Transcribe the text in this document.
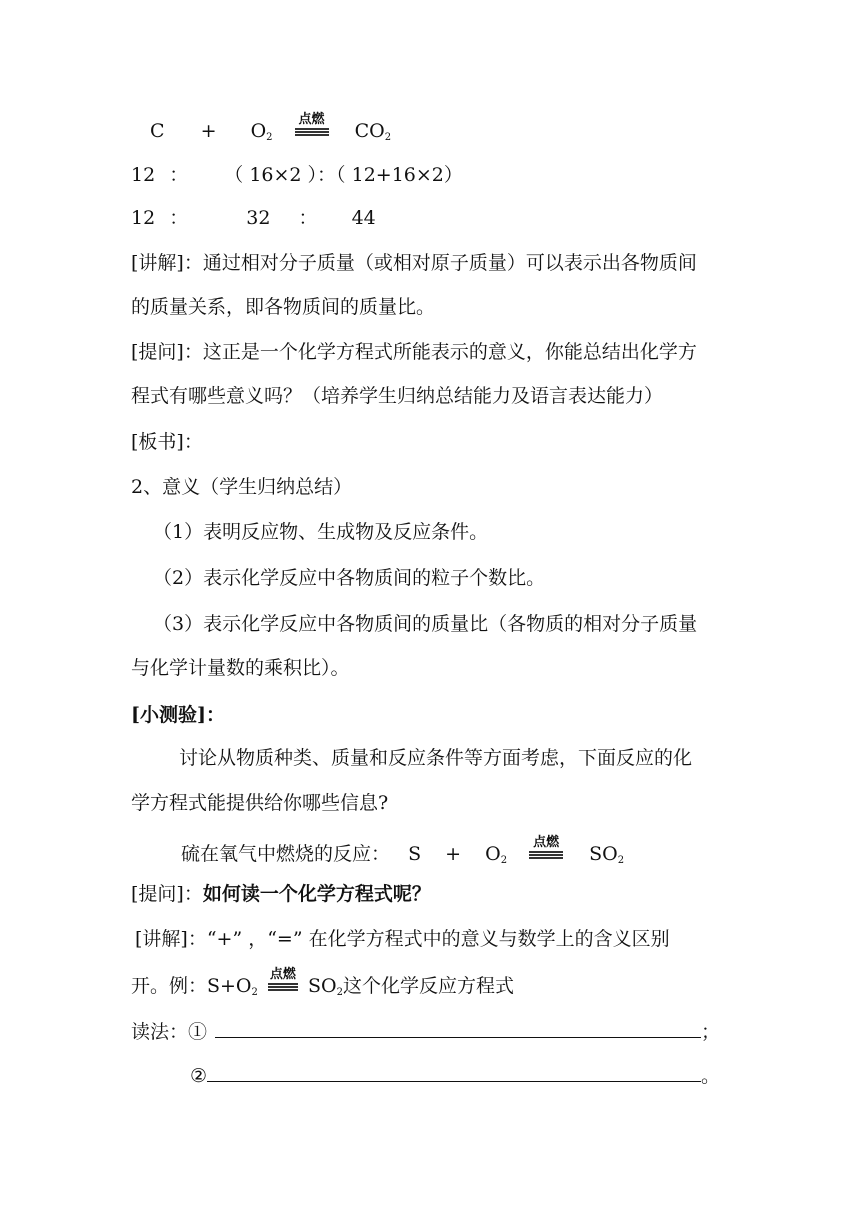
$C + O_2$
点燃
$CO_2$
12 ： （ 16×2 ）：（ 12+16×2）
12 ：	32 ： 44
[讲解]：通过相对分子质量（或相对原子质量）可以表示出各物质间
的质量关系，即各物质间的质量比。
[提问]：这正是一个化学方程式所能表示的意义，你能总结出化学方
程式有哪些意义吗？（培养学生归纳总结能力及语言表达能力）
[板书]：
2、意义（学生归纳总结）
（1）表明反应物、生成物及反应条件。
（2）表示化学反应中各物质间的粒子个数比。
（3）表示化学反应中各物质间的质量比（各物质的相对分子质量
与化学计量数的乘积比）。
[小测验]：
讨论从物质种类、质量和反应条件等方面考虑，下面反应的化
学方程式能提供给你哪些信息?
硫在氧气中燃烧的反应： $S + O_2$
点燃
$SO_2$
[提问]：如何读一个化学方程式呢？
[讲解]：“+” ，“=” 在化学方程式中的意义与数学上的含义区别
开。例：$S+O_2$
点燃
$SO_2$这个化学反应方程式
读法：①	；
②	。
